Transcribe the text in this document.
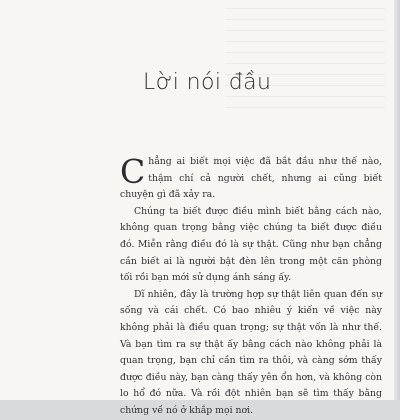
Lời nói đầu

Chẳng ai biết mọi việc đã bắt đầu như thế nào, thậm chí cả người chết, nhưng ai cũng biết chuyện gì đã xảy ra.

Chúng ta biết được điều mình biết bằng cách nào, không quan trọng bằng việc chúng ta biết được điều đó. Miễn rằng điều đó là sự thật. Cũng như bạn chẳng cần biết ai là người bật đèn lên trong một căn phòng tối rồi bạn mới sử dụng ánh sáng ấy.

Dĩ nhiên, đây là trường hợp sự thật liên quan đến sự sống và cái chết. Có bao nhiêu ý kiến về việc này không phải là điều quan trọng; sự thật vốn là như thế. Và bạn tìm ra sự thật ấy bằng cách nào không phải là quan trọng, bạn chỉ cần tìm ra thôi, và càng sớm thấy được điều này, bạn càng thấy yên ổn hơn, và không còn lo hổ đó nữa. Và rồi đột nhiên bạn sẽ tìm thấy bằng chứng về nó ở khắp mọi nơi.
